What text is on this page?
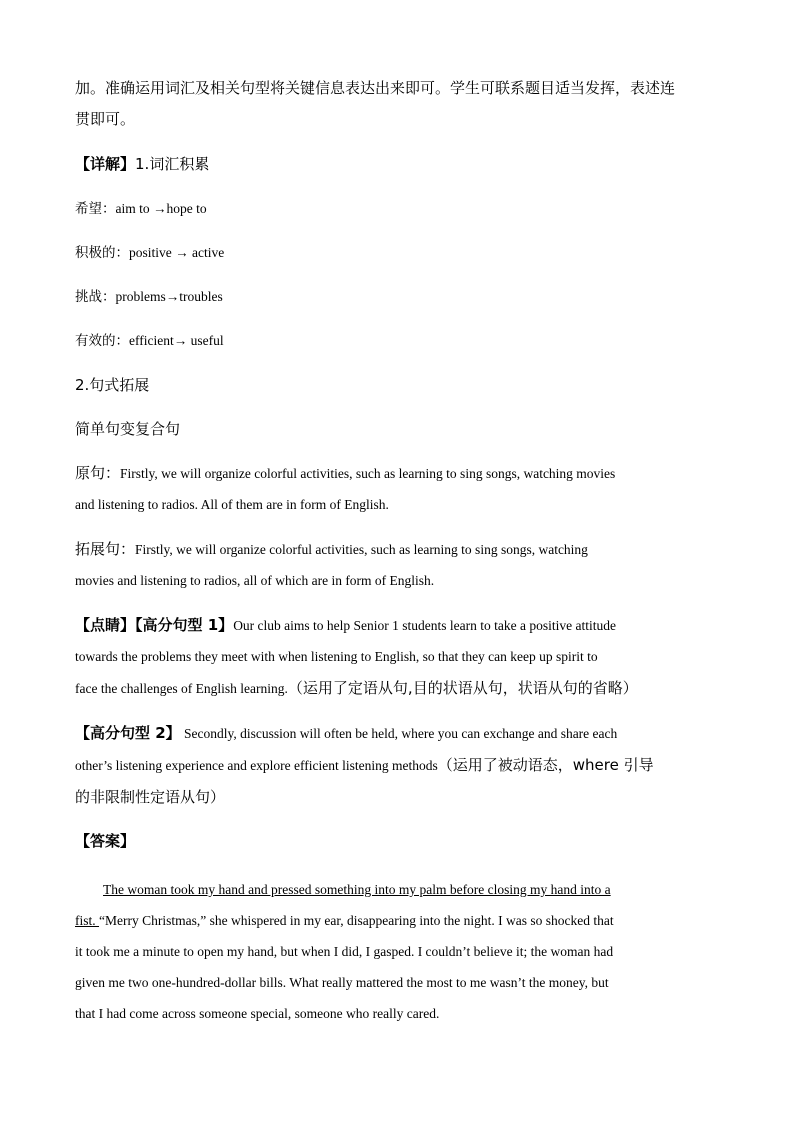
加。准确运用词汇及相关句型将关键信息表达出来即可。学生可联系题目适当发挥，表述连
贯即可。
【详解】1.词汇积累
希望：aim to →hope to
积极的：positive → active
挑战：problems→troubles
有效的：efficient→ useful
2.句式拓展
简单句变复合句
原句：Firstly, we will organize colorful activities, such as learning to sing songs, watching movies
and listening to radios. All of them are in form of English.
拓展句：Firstly, we will organize colorful activities, such as learning to sing songs, watching
movies and listening to radios, all of which are in form of English.
【点睛】【高分句型 1】Our club aims to help Senior 1 students learn to take a positive attitude
towards the problems they meet with when listening to English, so that they can keep up spirit to
face the challenges of English learning.（运用了定语从句,目的状语从句，状语从句的省略）
【高分句型 2】 Secondly, discussion will often be held, where you can exchange and share each
other’s listening experience and explore efficient listening methods（运用了被动语态，where 引导
的非限制性定语从句）
【答案】
The woman took my hand and pressed something into my palm before closing my hand into a
fist. “Merry Christmas,” she whispered in my ear, disappearing into the night. I was so shocked that
it took me a minute to open my hand, but when I did, I gasped. I couldn’t believe it; the woman had
given me two one-hundred-dollar bills. What really mattered the most to me wasn’t the money, but
that I had come across someone special, someone who really cared.
